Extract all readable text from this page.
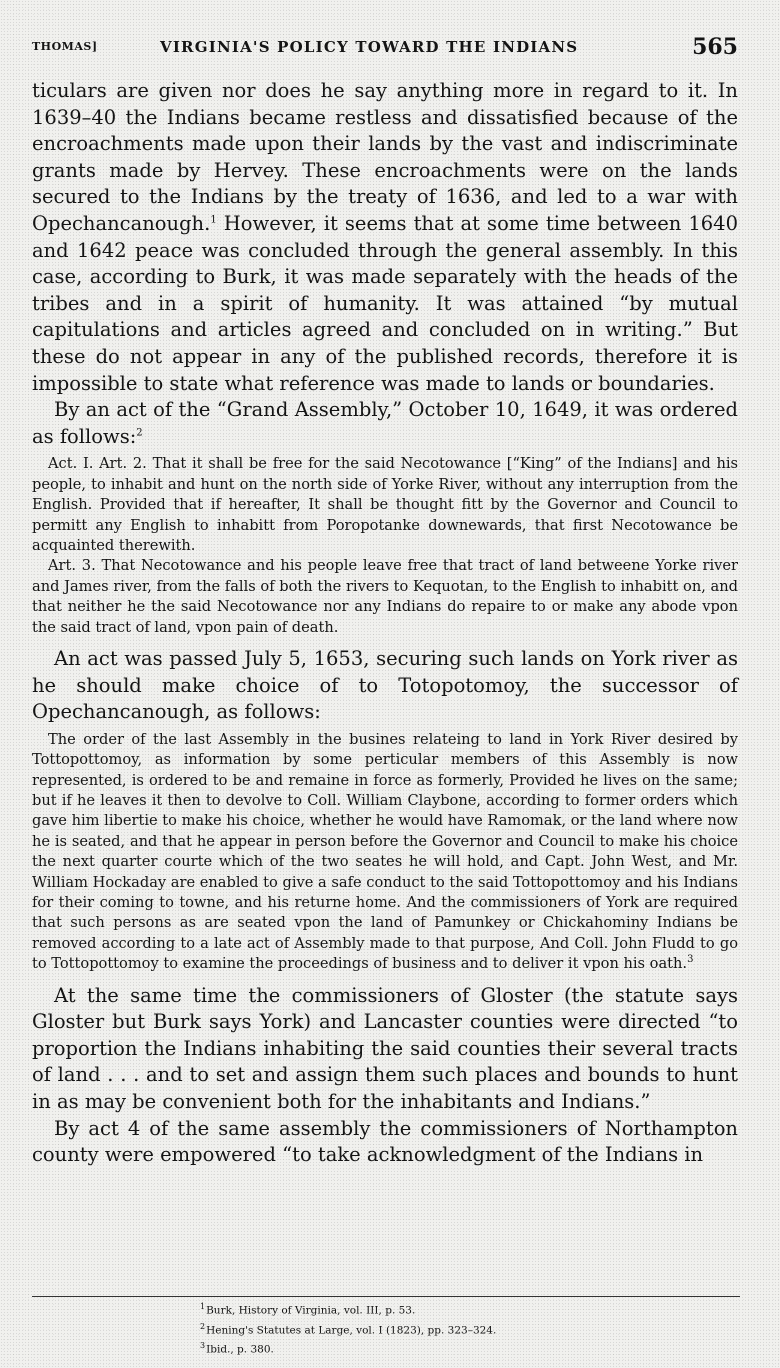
THOMAS]	VIRGINIA'S POLICY TOWARD THE INDIANS	565

ticulars are given nor does he say anything more in regard to it. In 1639–40 the Indians became restless and dissatisfied because of the encroachments made upon their lands by the vast and indiscriminate grants made by Hervey. These encroachments were on the lands secured to the Indians by the treaty of 1636, and led to a war with Opechancanough.$^1$ However, it seems that at some time between 1640 and 1642 peace was concluded through the general assembly. In this case, according to Burk, it was made separately with the heads of the tribes and in a spirit of humanity. It was attained “by mutual capitulations and articles agreed and concluded on in writing.” But these do not appear in any of the published records, therefore it is impossible to state what reference was made to lands or boundaries.

By an act of the “Grand Assembly,” October 10, 1649, it was ordered as follows:$^2$

Act. I. Art. 2. That it shall be free for the said Necotowance [“King” of the Indians] and his people, to inhabit and hunt on the north side of Yorke River, without any interruption from the English. Provided that if hereafter, It shall be thought fitt by the Governor and Council to permitt any English to inhabitt from Poropotanke downewards, that first Necotowance be acquainted therewith.

Art. 3. That Necotowance and his people leave free that tract of land betweene Yorke river and James river, from the falls of both the rivers to Kequotan, to the English to inhabitt on, and that neither he the said Necotowance nor any Indians do repaire to or make any abode vpon the said tract of land, vpon pain of death.

An act was passed July 5, 1653, securing such lands on York river as he should make choice of to Totopotomoy, the successor of Opechancanough, as follows:

The order of the last Assembly in the busines relateing to land in York River desired by Tottopottomoy, as information by some perticular members of this Assembly is now represented, is ordered to be and remaine in force as formerly, Provided he lives on the same; but if he leaves it then to devolve to Coll. William Claybone, according to former orders which gave him libertie to make his choice, whether he would have Ramomak, or the land where now he is seated, and that he appear in person before the Governor and Council to make his choice the next quarter courte which of the two seates he will hold, and Capt. John West, and Mr. William Hockaday are enabled to give a safe conduct to the said Tottopottomoy and his Indians for their coming to towne, and his returne home. And the commissioners of York are required that such persons as are seated vpon the land of Pamunkey or Chickahominy Indians be removed according to a late act of Assembly made to that purpose, And Coll. John Fludd to go to Tottopottomoy to examine the proceedings of business and to deliver it vpon his oath.$^3$

At the same time the commissioners of Gloster (the statute says Gloster but Burk says York) and Lancaster counties were directed “to proportion the Indians inhabiting the said counties their several tracts of land . . . and to set and assign them such places and bounds to hunt in as may be convenient both for the inhabitants and Indians.”

By act 4 of the same assembly the commissioners of Northampton county were empowered “to take acknowledgment of the Indians in

$^1$Burk, History of Virginia, vol. III, p. 53.
$^2$Hening's Statutes at Large, vol. I (1823), pp. 323–324.
$^3$Ibid., p. 380.
